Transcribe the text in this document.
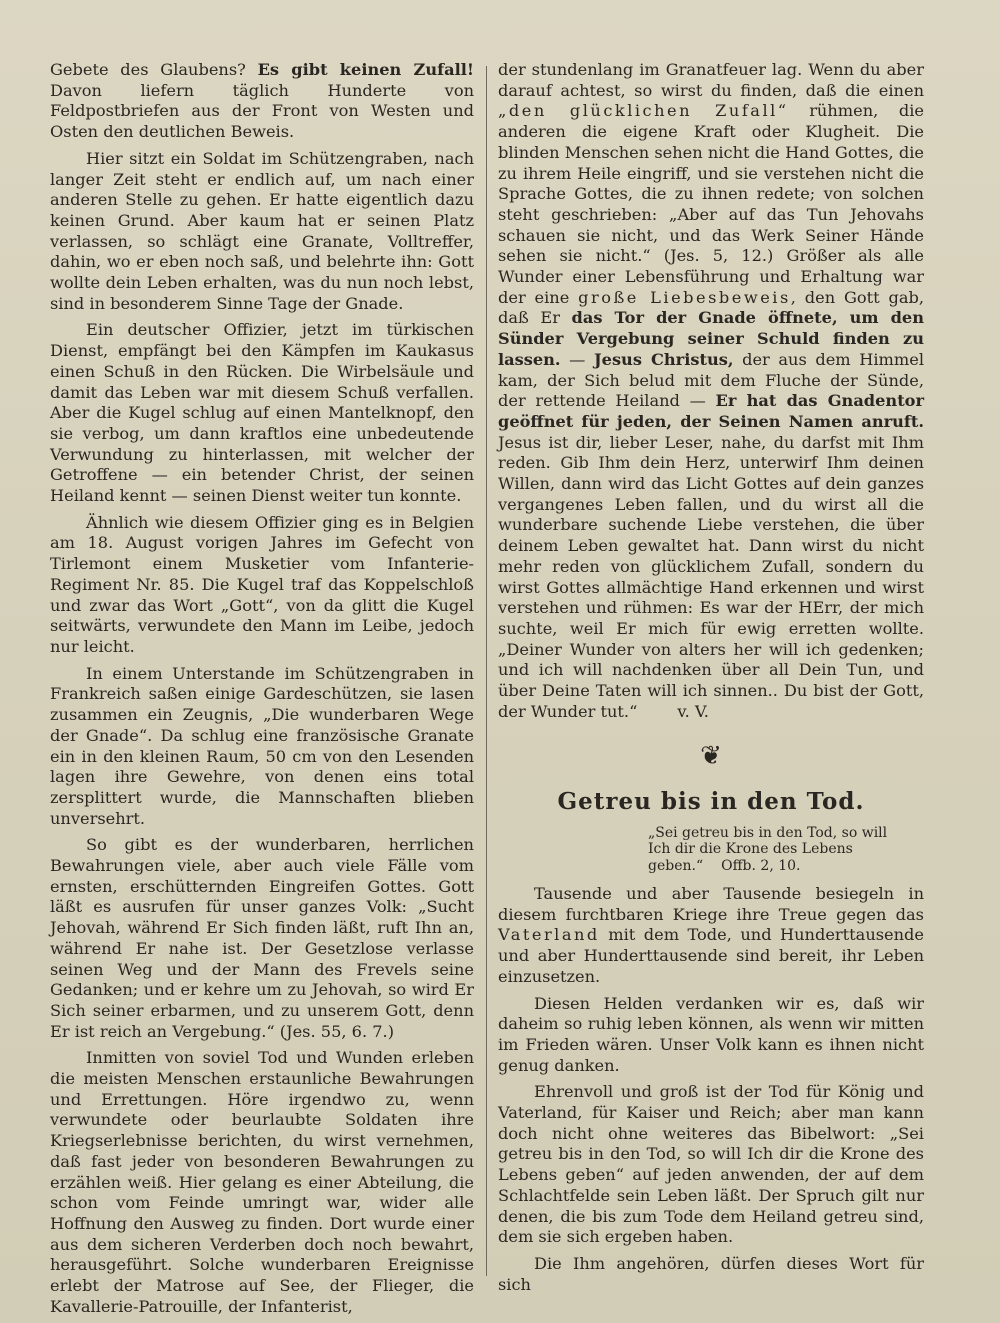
Gebete des Glaubens? Es gibt keinen Zufall! Davon liefern täglich Hunderte von Feldpostbriefen aus der Front von Westen und Osten den deutlichen Beweis.

Hier sitzt ein Soldat im Schützengraben, nach langer Zeit steht er endlich auf, um nach einer anderen Stelle zu gehen. Er hatte eigentlich dazu keinen Grund. Aber kaum hat er seinen Platz verlassen, so schlägt eine Granate, Volltreffer, dahin, wo er eben noch saß, und belehrte ihn: Gott wollte dein Leben erhalten, was du nun noch lebst, sind in besonderem Sinne Tage der Gnade.

Ein deutscher Offizier, jetzt im türkischen Dienst, empfängt bei den Kämpfen im Kaukasus einen Schuß in den Rücken. Die Wirbelsäule und damit das Leben war mit diesem Schuß verfallen. Aber die Kugel schlug auf einen Mantelknopf, den sie verbog, um dann kraftlos eine unbedeutende Verwundung zu hinterlassen, mit welcher der Getroffene — ein betender Christ, der seinen Heiland kennt — seinen Dienst weiter tun konnte.

Ähnlich wie diesem Offizier ging es in Belgien am 18. August vorigen Jahres im Gefecht von Tirlemont einem Musketier vom Infanterie-Regiment Nr. 85. Die Kugel traf das Koppelschloß und zwar das Wort „Gott“, von da glitt die Kugel seitwärts, verwundete den Mann im Leibe, jedoch nur leicht.

In einem Unterstande im Schützengraben in Frankreich saßen einige Gardeschützen, sie lasen zusammen ein Zeugnis, „Die wunderbaren Wege der Gnade“. Da schlug eine französische Granate ein in den kleinen Raum, 50 cm von den Lesenden lagen ihre Gewehre, von denen eins total zersplittert wurde, die Mannschaften blieben unversehrt.

So gibt es der wunderbaren, herrlichen Bewahrungen viele, aber auch viele Fälle vom ernsten, erschütternden Eingreifen Gottes. Gott läßt es ausrufen für unser ganzes Volk: „Sucht Jehovah, während Er Sich finden läßt, ruft Ihn an, während Er nahe ist. Der Gesetzlose verlasse seinen Weg und der Mann des Frevels seine Gedanken; und er kehre um zu Jehovah, so wird Er Sich seiner erbarmen, und zu unserem Gott, denn Er ist reich an Vergebung.“ (Jes. 55, 6. 7.)

Inmitten von soviel Tod und Wunden erleben die meisten Menschen erstaunliche Bewahrungen und Errettungen. Höre irgendwo zu, wenn verwundete oder beurlaubte Soldaten ihre Kriegserlebnisse berichten, du wirst vernehmen, daß fast jeder von besonderen Bewahrungen zu erzählen weiß. Hier gelang es einer Abteilung, die schon vom Feinde umringt war, wider alle Hoffnung den Ausweg zu finden. Dort wurde einer aus dem sicheren Verderben doch noch bewahrt, herausgeführt. Solche wunderbaren Ereignisse erlebt der Matrose auf See, der Flieger, die Kavallerie-Patrouille, der Infanterist,

der stundenlang im Granatfeuer lag. Wenn du aber darauf achtest, so wirst du finden, daß die einen „den glücklichen Zufall“ rühmen, die anderen die eigene Kraft oder Klugheit. Die blinden Menschen sehen nicht die Hand Gottes, die zu ihrem Heile eingriff, und sie verstehen nicht die Sprache Gottes, die zu ihnen redete; von solchen steht geschrieben: „Aber auf das Tun Jehovahs schauen sie nicht, und das Werk Seiner Hände sehen sie nicht.“ (Jes. 5, 12.) Größer als alle Wunder einer Lebensführung und Erhaltung war der eine große Liebesbeweis, den Gott gab, daß Er das Tor der Gnade öffnete, um den Sünder Vergebung seiner Schuld finden zu lassen. — Jesus Christus, der aus dem Himmel kam, der Sich belud mit dem Fluche der Sünde, der rettende Heiland — Er hat das Gnadentor geöffnet für jeden, der Seinen Namen anruft. Jesus ist dir, lieber Leser, nahe, du darfst mit Ihm reden. Gib Ihm dein Herz, unterwirf Ihm deinen Willen, dann wird das Licht Gottes auf dein ganzes vergangenes Leben fallen, und du wirst all die wunderbare suchende Liebe verstehen, die über deinem Leben gewaltet hat. Dann wirst du nicht mehr reden von glücklichem Zufall, sondern du wirst Gottes allmächtige Hand erkennen und wirst verstehen und rühmen: Es war der HErr, der mich suchte, weil Er mich für ewig erretten wollte. „Deiner Wunder von alters her will ich gedenken; und ich will nachdenken über all Dein Tun, und über Deine Taten will ich sinnen.. Du bist der Gott, der Wunder tut.“ v. V.

❦

Getreu bis in den Tod.

„Sei getreu bis in den Tod, so will Ich dir die Krone des Lebens geben.“ Offb. 2, 10.

Tausende und aber Tausende besiegeln in diesem furchtbaren Kriege ihre Treue gegen das Vaterland mit dem Tode, und Hunderttausende und aber Hunderttausende sind bereit, ihr Leben einzusetzen.

Diesen Helden verdanken wir es, daß wir daheim so ruhig leben können, als wenn wir mitten im Frieden wären. Unser Volk kann es ihnen nicht genug danken.

Ehrenvoll und groß ist der Tod für König und Vaterland, für Kaiser und Reich; aber man kann doch nicht ohne weiteres das Bibelwort: „Sei getreu bis in den Tod, so will Ich dir die Krone des Lebens geben“ auf jeden anwenden, der auf dem Schlachtfelde sein Leben läßt. Der Spruch gilt nur denen, die bis zum Tode dem Heiland getreu sind, dem sie sich ergeben haben.

Die Ihm angehören, dürfen dieses Wort für sich
